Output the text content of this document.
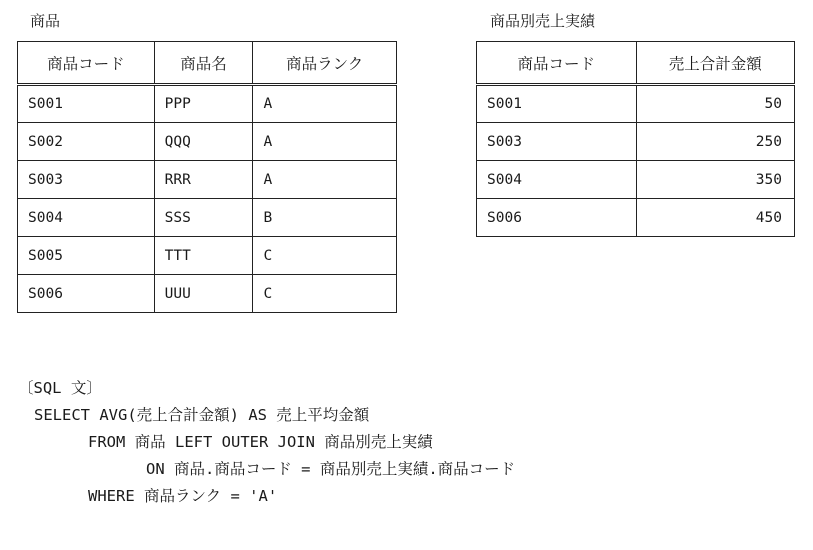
商品	商品別売上実績
商品コード	商品名	商品ランク
S001	PPP	A
S002	QQQ	A
S003	RRR	A
S004	SSS	B
S005	TTT	C
S006	UUU	C
商品コード	売上合計金額
S001	50
S003	250
S004	350
S006	450
〔SQL 文〕
SELECT AVG(売上合計金額) AS 売上平均金額
FROM 商品 LEFT OUTER JOIN 商品別売上実績
ON 商品.商品コード = 商品別売上実績.商品コード
WHERE 商品ランク = 'A'
